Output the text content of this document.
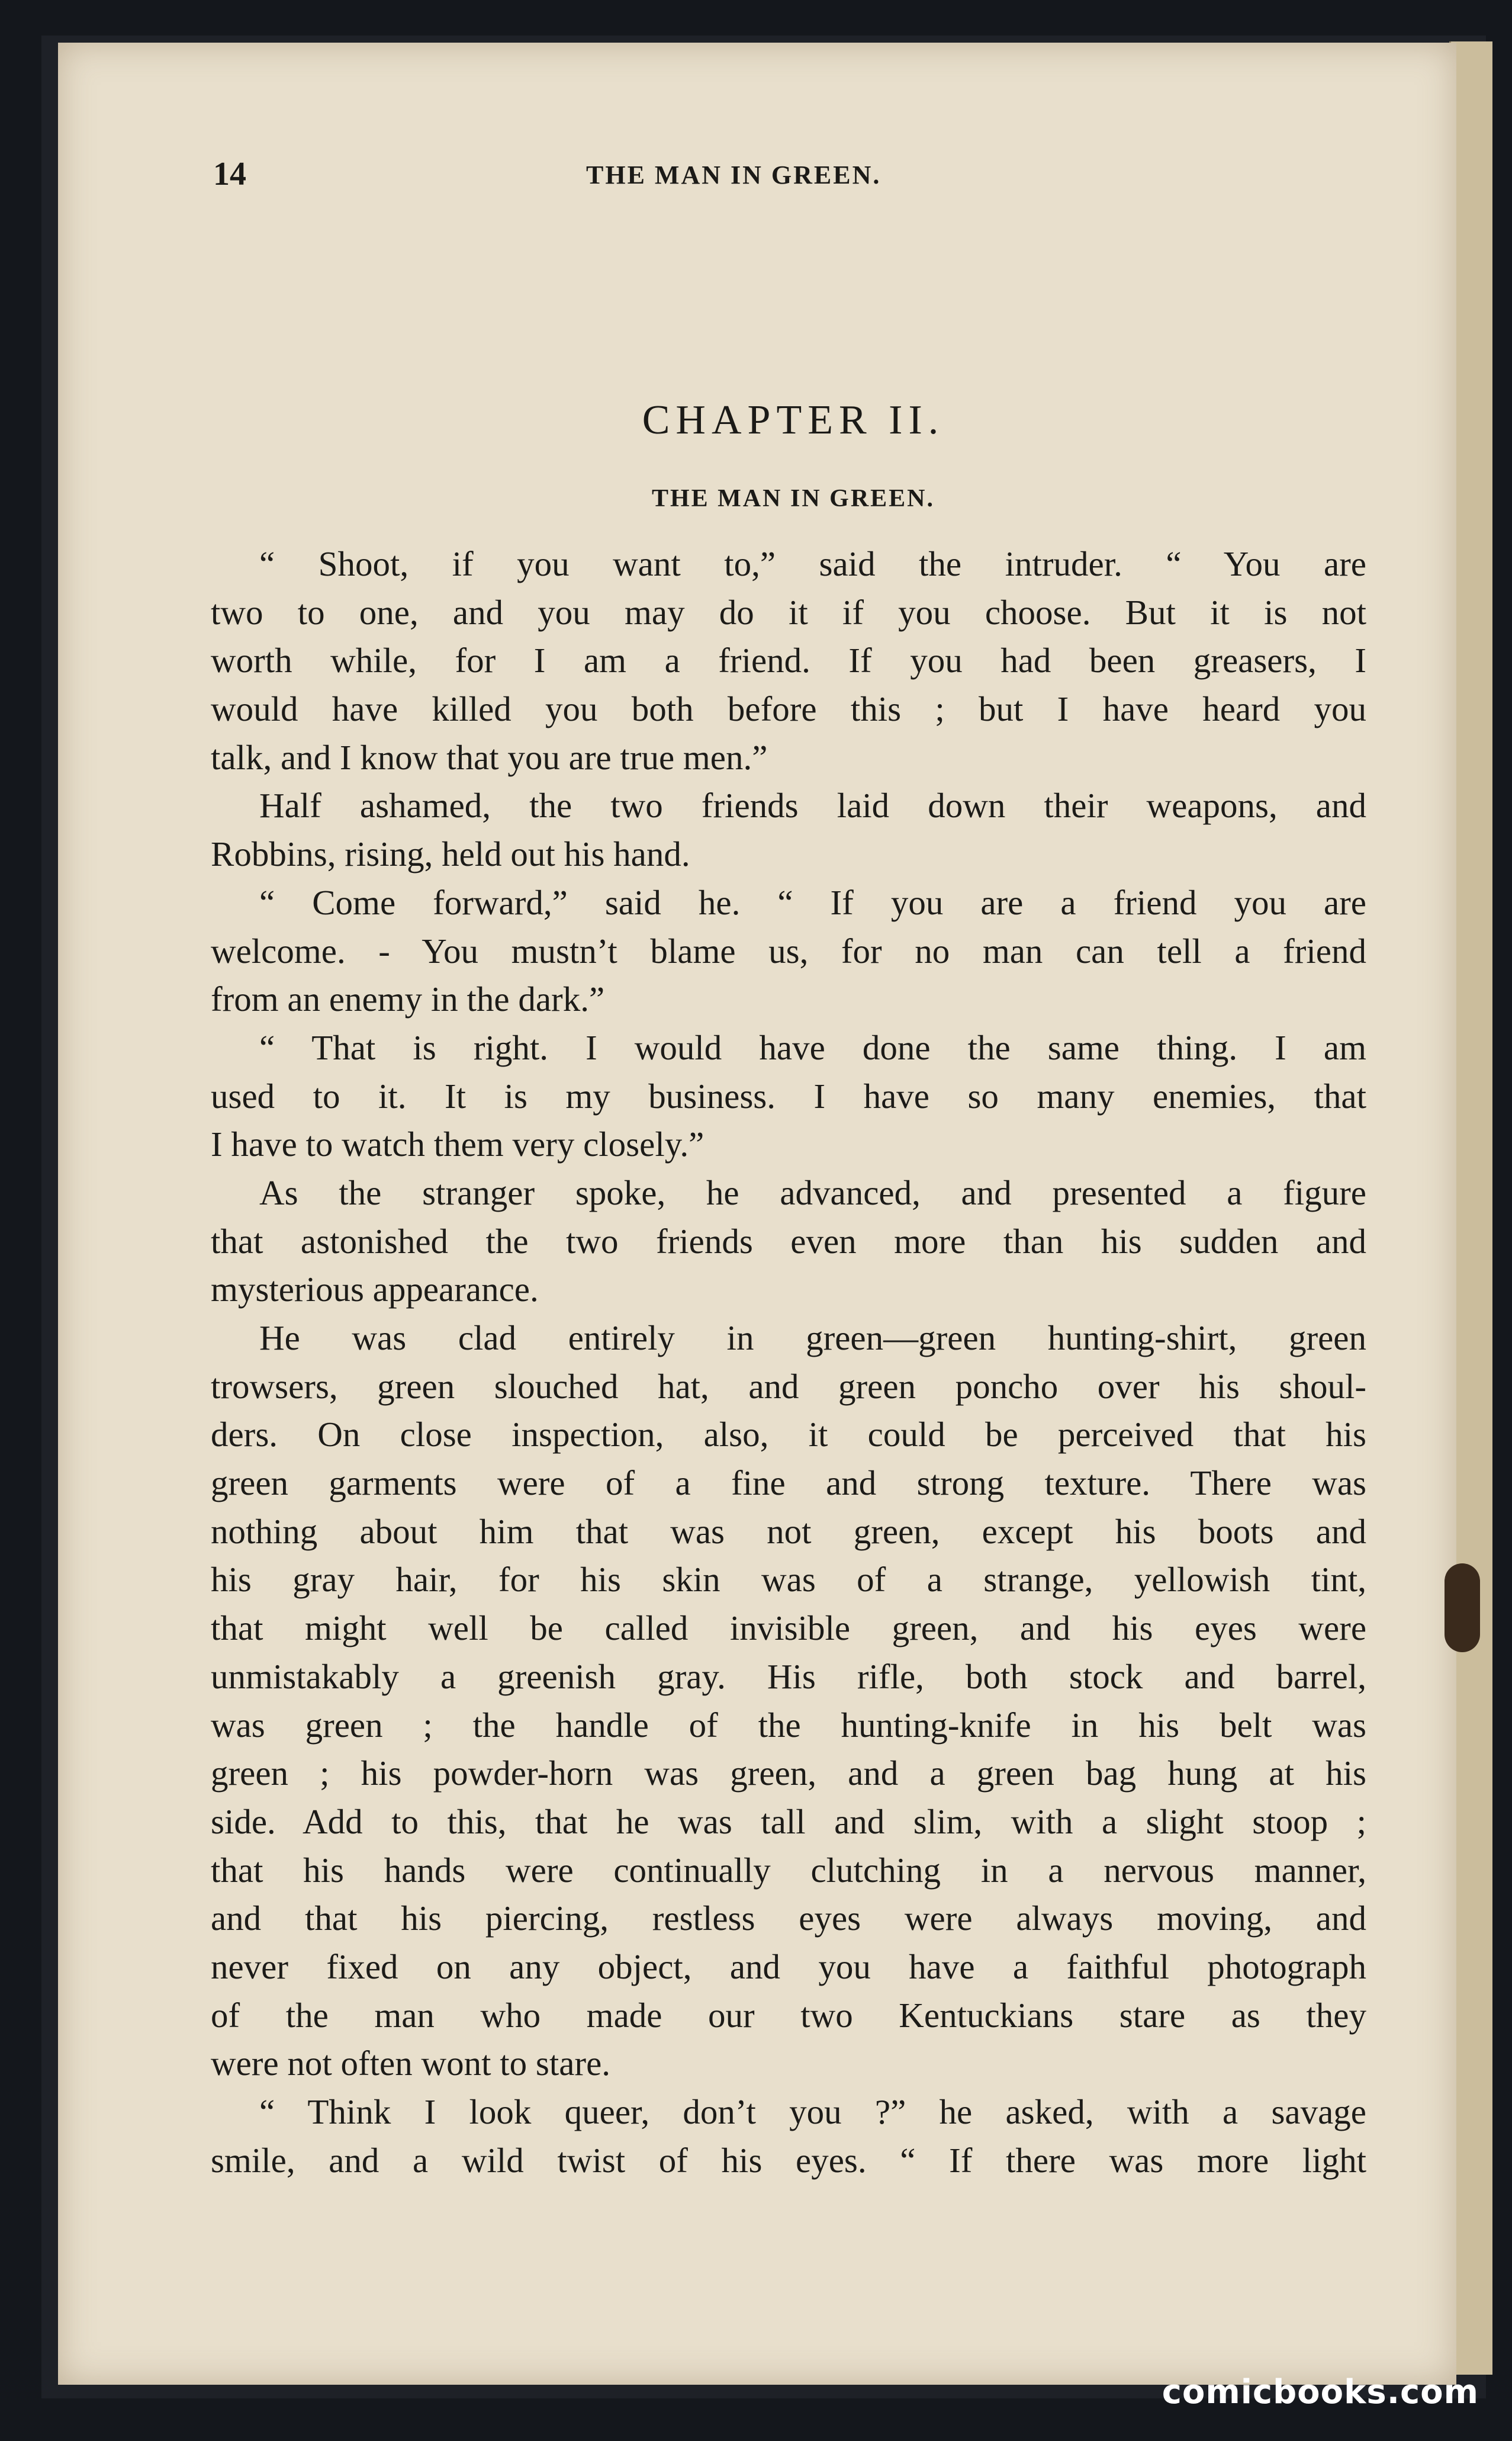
14	THE MAN IN GREEN.
CHAPTER II.
THE MAN IN GREEN.
“ Shoot, if you want to,” said the intruder. “ You are
two to one, and you may do it if you choose. But it is not
worth while, for I am a friend. If you had been greasers, I
would have killed you both before this ; but I have heard you
talk, and I know that you are true men.”
Half ashamed, the two friends laid down their weapons, and
Robbins, rising, held out his hand.
“ Come forward,” said he. “ If you are a friend you are
welcome. - You mustn’t blame us, for no man can tell a friend
from an enemy in the dark.”
“ That is right. I would have done the same thing. I am
used to it. It is my business. I have so many enemies, that
I have to watch them very closely.”
As the stranger spoke, he advanced, and presented a figure
that astonished the two friends even more than his sudden and
mysterious appearance.
He was clad entirely in green—green hunting-shirt, green
trowsers, green slouched hat, and green poncho over his shoul-
ders. On close inspection, also, it could be perceived that his
green garments were of a fine and strong texture. There was
nothing about him that was not green, except his boots and
his gray hair, for his skin was of a strange, yellowish tint,
that might well be called invisible green, and his eyes were
unmistakably a greenish gray. His rifle, both stock and barrel,
was green ; the handle of the hunting-knife in his belt was
green ; his powder-horn was green, and a green bag hung at his
side. Add to this, that he was tall and slim, with a slight stoop ;
that his hands were continually clutching in a nervous manner,
and that his piercing, restless eyes were always moving, and
never fixed on any object, and you have a faithful photograph
of the man who made our two Kentuckians stare as they
were not often wont to stare.
“ Think I look queer, don’t you ?” he asked, with a savage
smile, and a wild twist of his eyes. “ If there was more light
comicbooks.com
